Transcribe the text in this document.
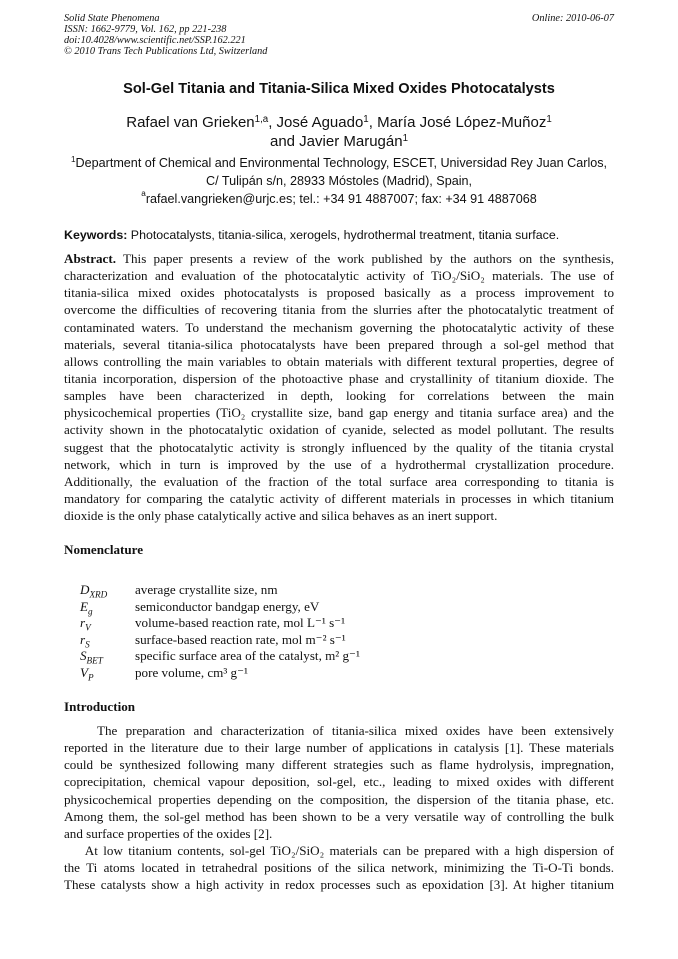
Solid State Phenomena
ISSN: 1662-9779, Vol. 162, pp 221-238
doi:10.4028/www.scientific.net/SSP.162.221
© 2010 Trans Tech Publications Ltd, Switzerland
Online: 2010-06-07
Sol-Gel Titania and Titania-Silica Mixed Oxides Photocatalysts
Rafael van Grieken$^{1,a}$, José Aguado$^1$, María José López-Muñoz$^1$
and Javier Marugán$^1$
$^1$Department of Chemical and Environmental Technology, ESCET, Universidad Rey Juan Carlos,
C/ Tulipán s/n, 28933 Móstoles (Madrid), Spain,
$^a$rafael.vangrieken@urjc.es; tel.: +34 91 4887007; fax: +34 91 4887068
Keywords: Photocatalysts, titania-silica, xerogels, hydrothermal treatment, titania surface.
Abstract. This paper presents a review of the work published by the authors on the synthesis,
characterization and evaluation of the photocatalytic activity of TiO₂/SiO₂ materials. The use of
titania-silica mixed oxides photocatalysts is proposed basically as a process improvement to
overcome the difficulties of recovering titania from the slurries after the photocatalytic treatment of
contaminated waters. To understand the mechanism governing the photocatalytic activity of these
materials, several titania-silica photocatalysts have been prepared through a sol-gel method that
allows controlling the main variables to obtain materials with different textural properties, degree of
titania incorporation, dispersion of the photoactive phase and crystallinity of titanium dioxide. The
samples have been characterized in depth, looking for correlations between the main
physicochemical properties (TiO₂ crystallite size, band gap energy and titania surface area) and the
activity shown in the photocatalytic oxidation of cyanide, selected as model pollutant. The results
suggest that the photocatalytic activity is strongly influenced by the quality of the titania crystal
network, which in turn is improved by the use of a hydrothermal crystallization procedure.
Additionally, the evaluation of the fraction of the total surface area corresponding to titania is
mandatory for comparing the catalytic activity of different materials in processes in which titanium
dioxide is the only phase catalytically active and silica behaves as an inert support.
Nomenclature
$D_{XRD}$	average crystallite size, nm
$E_g$	semiconductor bandgap energy, eV
$r_V$	volume-based reaction rate, mol L⁻¹ s⁻¹
$r_S$	surface-based reaction rate, mol m⁻² s⁻¹
$S_{BET}$	specific surface area of the catalyst, m² g⁻¹
$V_P$	pore volume, cm³ g⁻¹
Introduction
The preparation and characterization of titania-silica mixed oxides have been extensively
reported in the literature due to their large number of applications in catalysis [1]. These materials
could be synthesized following many different strategies such as flame hydrolysis, impregnation,
coprecipitation, chemical vapour deposition, sol-gel, etc., leading to mixed oxides with different
physicochemical properties depending on the composition, the dispersion of the titania phase, etc.
Among them, the sol-gel method has been shown to be a very versatile way of controlling the bulk
and surface properties of the oxides [2].
At low titanium contents, sol-gel TiO₂/SiO₂ materials can be prepared with a high dispersion of
the Ti atoms located in tetrahedral positions of the silica network, minimizing the Ti-O-Ti bonds.
These catalysts show a high activity in redox processes such as epoxidation [3]. At higher titanium
